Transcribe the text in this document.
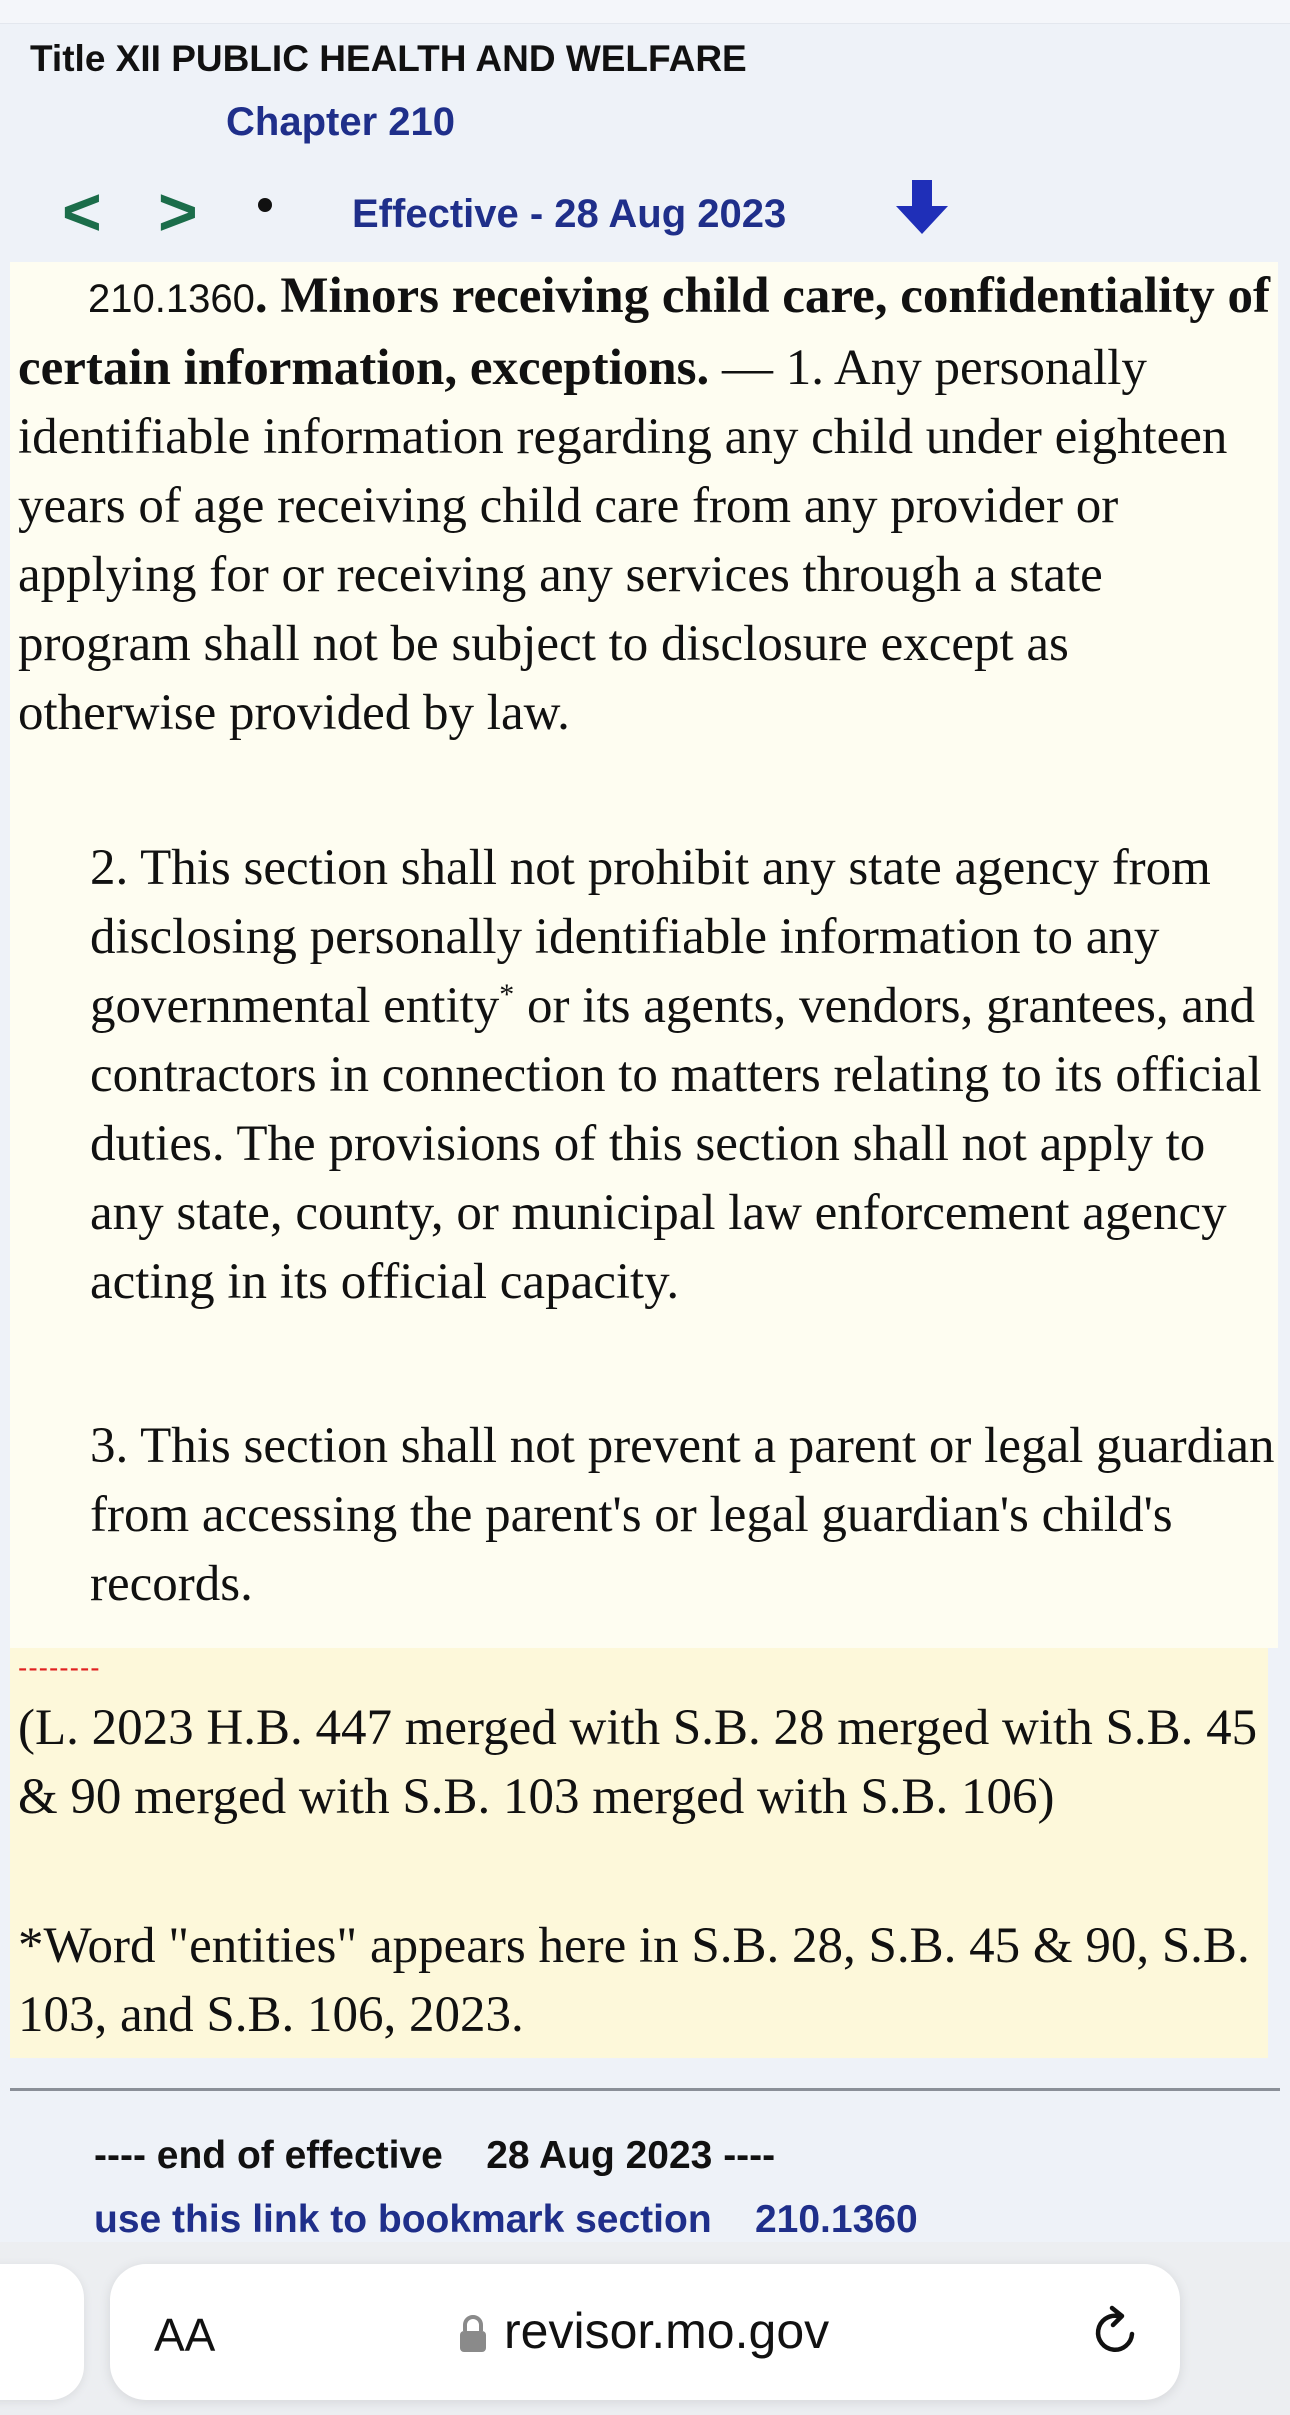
Title XII PUBLIC HEALTH AND WELFARE
Chapter 210
< >	Effective - 28 Aug 2023
210.1360. Minors receiving child care, confidentiality of certain information, exceptions. — 1. Any personally identifiable information regarding any child under eighteen years of age receiving child care from any provider or applying for or receiving any services through a state program shall not be subject to disclosure except as otherwise provided by law.
2. This section shall not prohibit any state agency from disclosing personally identifiable information to any governmental entity* or its agents, vendors, grantees, and contractors in connection to matters relating to its official duties. The provisions of this section shall not apply to any state, county, or municipal law enforcement agency acting in its official capacity.
3. This section shall not prevent a parent or legal guardian from accessing the parent's or legal guardian's child's records.
--------
(L. 2023 H.B. 447 merged with S.B. 28 merged with S.B. 45 & 90 merged with S.B. 103 merged with S.B. 106)
*Word "entities" appears here in S.B. 28, S.B. 45 & 90, S.B. 103, and S.B. 106, 2023.
---- end of effective    28 Aug 2023 ----
use this link to bookmark section    210.1360
AA	revisor.mo.gov
